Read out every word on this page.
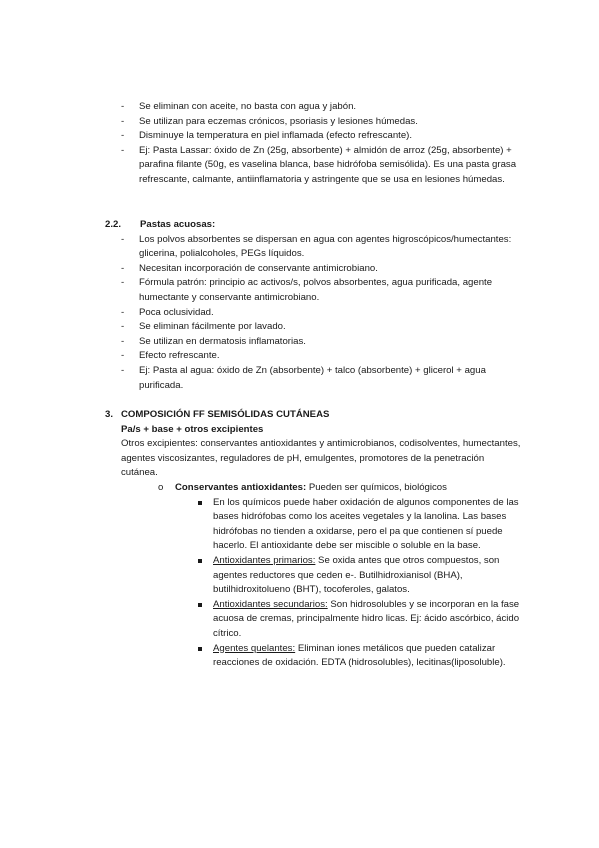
- Se eliminan con aceite, no basta con agua y jabón.
- Se utilizan para eczemas crónicos, psoriasis y lesiones húmedas.
- Disminuye la temperatura en piel inflamada (efecto refrescante).
- Ej: Pasta Lassar: óxido de Zn (25g, absorbente) + almidón de arroz (25g, absorbente) + parafina filante (50g, es vaselina blanca, base hidrófoba semisólida). Es una pasta grasa refrescante, calmante, antiinflamatoria y astringente que se usa en lesiones húmedas.
2.2.	Pastas acuosas:
- Los polvos absorbentes se dispersan en agua con agentes higroscópicos/humectantes: glicerina, polialcoholes, PEGs líquidos.
- Necesitan incorporación de conservante antimicrobiano.
- Fórmula patrón: principio ac activos/s, polvos absorbentes, agua purificada, agente humectante y conservante antimicrobiano.
- Poca oclusividad.
- Se eliminan fácilmente por lavado.
- Se utilizan en dermatosis inflamatorias.
- Efecto refrescante.
- Ej: Pasta al agua: óxido de Zn (absorbente) + talco (absorbente) + glicerol + agua purificada.
3. COMPOSICIÓN FF SEMISÓLIDAS CUTÁNEAS
Pa/s + base + otros excipientes
Otros excipientes: conservantes antioxidantes y antimicrobianos, codisolventes, humectantes, agentes viscosizantes, reguladores de pH, emulgentes, promotores de la penetración cutánea.
o Conservantes antioxidantes: Pueden ser químicos, biológicos
En los químicos puede haber oxidación de algunos componentes de las bases hidrófobas como los aceites vegetales y la lanolina. Las bases hidrófobas no tienden a oxidarse, pero el pa que contienen sí puede hacerlo. El antioxidante debe ser miscible o soluble en la base.
Antioxidantes primarios: Se oxida antes que otros compuestos, son agentes reductores que ceden e-. Butilhidroxianisol (BHA), butilhidroxitolueno (BHT), tocoferoles, galatos.
Antioxidantes secundarios: Son hidrosolubles y se incorporan en la fase acuosa de cremas, principalmente hidro licas. Ej: ácido ascórbico, ácido cítrico.
Agentes quelantes: Eliminan iones metálicos que pueden catalizar reacciones de oxidación. EDTA (hidrosolubles), lecitinas(liposoluble).
